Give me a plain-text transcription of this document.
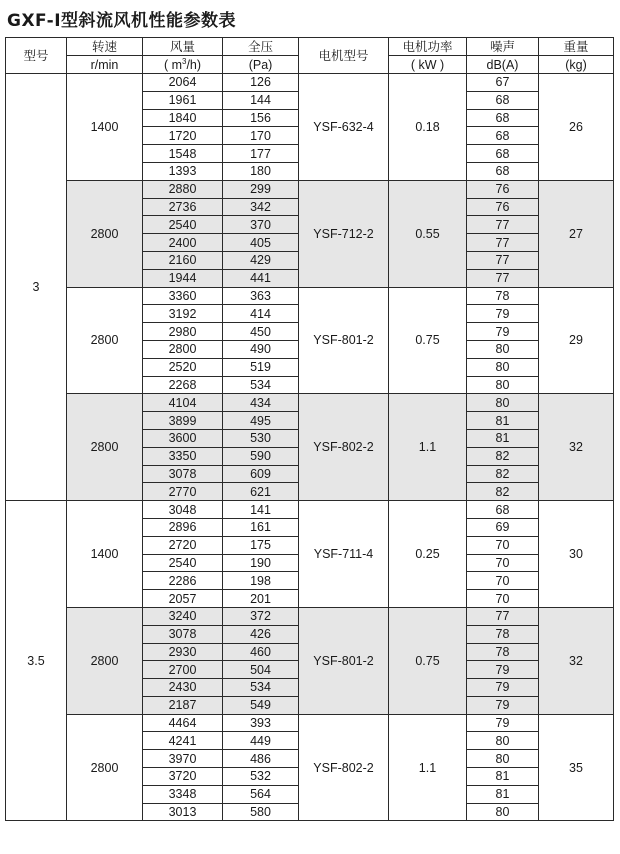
GXF-Ⅰ型斜流风机性能参数表
型号	转速	风量	全压	电机型号	电机功率	噪声	重量
	r/min	( $m^3/h$)	(Pa)		( kW )	dB(A)	(kg)
3	1400	2064	126	YSF-632-4	0.18	67	26
		1961	144			68	
		1840	156			68	
		1720	170			68	
		1548	177			68	
		1393	180			68	
	2800	2880	299	YSF-712-2	0.55	76	27
		2736	342			76	
		2540	370			77	
		2400	405			77	
		2160	429			77	
		1944	441			77	
	2800	3360	363	YSF-801-2	0.75	78	29
		3192	414			79	
		2980	450			79	
		2800	490			80	
		2520	519			80	
		2268	534			80	
	2800	4104	434	YSF-802-2	1.1	80	32
		3899	495			81	
		3600	530			81	
		3350	590			82	
		3078	609			82	
		2770	621			82	
3.5	1400	3048	141	YSF-711-4	0.25	68	30
		2896	161			69	
		2720	175			70	
		2540	190			70	
		2286	198			70	
		2057	201			70	
	2800	3240	372	YSF-801-2	0.75	77	32
		3078	426			78	
		2930	460			78	
		2700	504			79	
		2430	534			79	
		2187	549			79	
	2800	4464	393	YSF-802-2	1.1	79	35
		4241	449			80	
		3970	486			80	
		3720	532			81	
		3348	564			81	
		3013	580			80	
